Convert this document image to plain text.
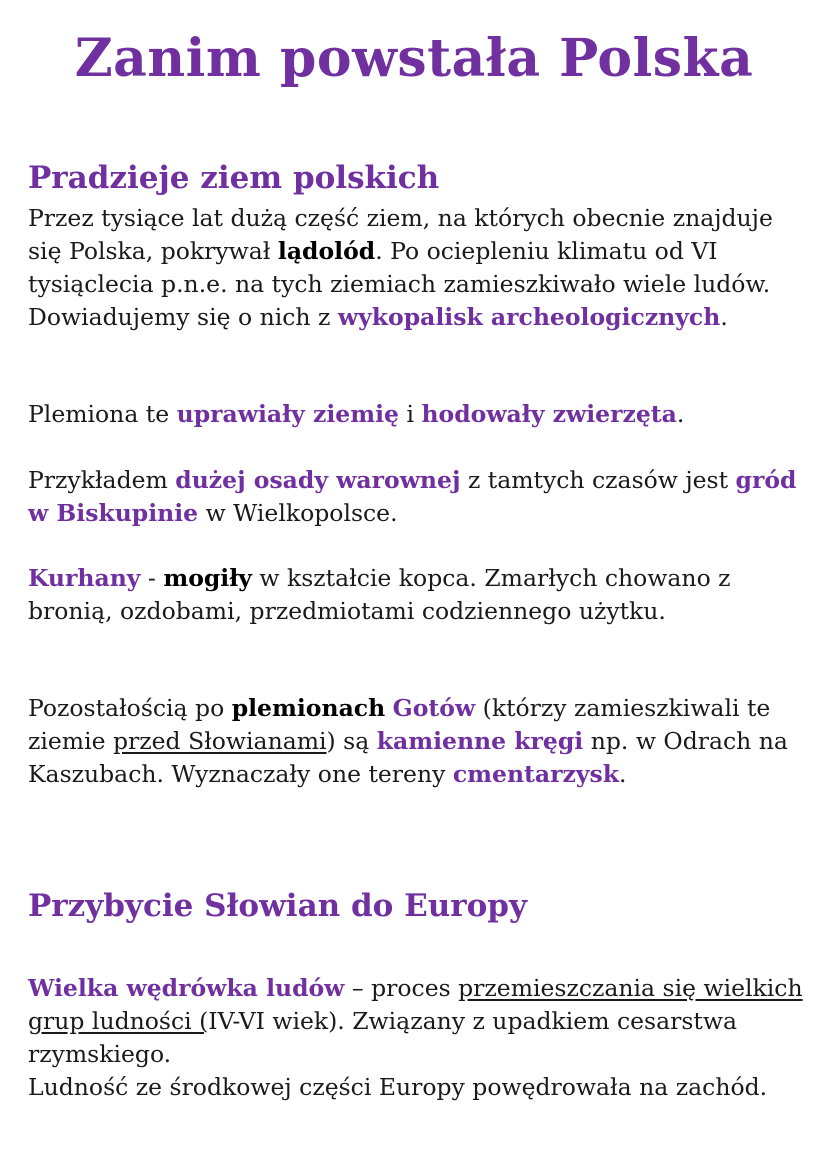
Zanim powstała Polska
Pradzieje ziem polskich

Przez tysiące lat dużą część ziem, na których obecnie znajduje się Polska, pokrywał lądolód. Po ociepleniu klimatu od VI tysiąclecia p.n.e. na tych ziemiach zamieszkiwało wiele ludów. Dowiadujemy się o nich z wykopalisk archeologicznych.

Plemiona te uprawiały ziemię i hodowały zwierzęta.

Przykładem dużej osady warownej z tamtych czasów jest gród w Biskupinie w Wielkopolsce.

Kurhany - mogiły w kształcie kopca. Zmarłych chowano z bronią, ozdobami, przedmiotami codziennego użytku.

Pozostałością po plemionach Gotów (którzy zamieszkiwali te ziemie przed Słowianami) są kamienne kręgi np. w Odrach na Kaszubach. Wyznaczały one tereny cmentarzysk.

Przybycie Słowian do Europy

Wielka wędrówka ludów – proces przemieszczania się wielkich grup ludności (IV-VI wiek). Związany z upadkiem cesarstwa rzymskiego.
Ludność ze środkowej części Europy powędrowała na zachód.
